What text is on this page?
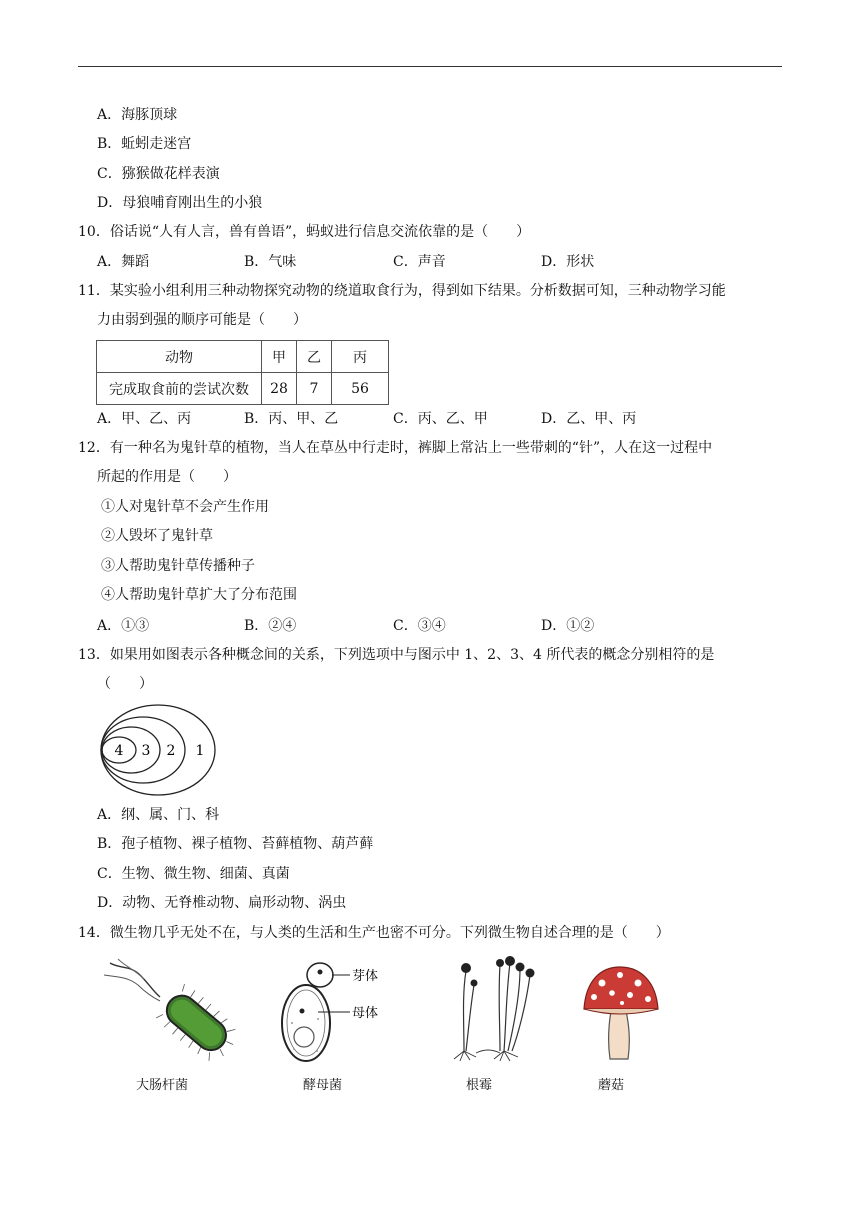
A．海豚顶球
B．蚯蚓走迷宫
C．猕猴做花样表演
D．母狼哺育刚出生的小狼
10．俗话说“人有人言，兽有兽语”，蚂蚁进行信息交流依靠的是（　　）
A．舞蹈	B．气味	C．声音	D．形状
11．某实验小组利用三种动物探究动物的绕道取食行为，得到如下结果。分析数据可知，三种动物学习能
力由弱到强的顺序可能是（　　）
动物	甲	乙	丙
完成取食前的尝试次数	28	7	56
A．甲、乙、丙	B．丙、甲、乙	C．丙、乙、甲	D．乙、甲、丙
12．有一种名为鬼针草的植物，当人在草丛中行走时，裤脚上常沾上一些带刺的“针”，人在这一过程中
所起的作用是（　　）
①人对鬼针草不会产生作用
②人毁坏了鬼针草
③人帮助鬼针草传播种子
④人帮助鬼针草扩大了分布范围
A．①③	B．②④	C．③④	D．①②
13．如果用如图表示各种概念间的关系，下列选项中与图示中 1、2、3、4 所代表的概念分别相符的是
（　　）
4 3 2 1
A．纲、属、门、科
B．孢子植物、裸子植物、苔藓植物、葫芦藓
C．生物、微生物、细菌、真菌
D．动物、无脊椎动物、扁形动物、涡虫
14．微生物几乎无处不在，与人类的生活和生产也密不可分。下列微生物自述合理的是（　　）
大肠杆菌
芽体
母体
酵母菌	根霉	蘑菇
